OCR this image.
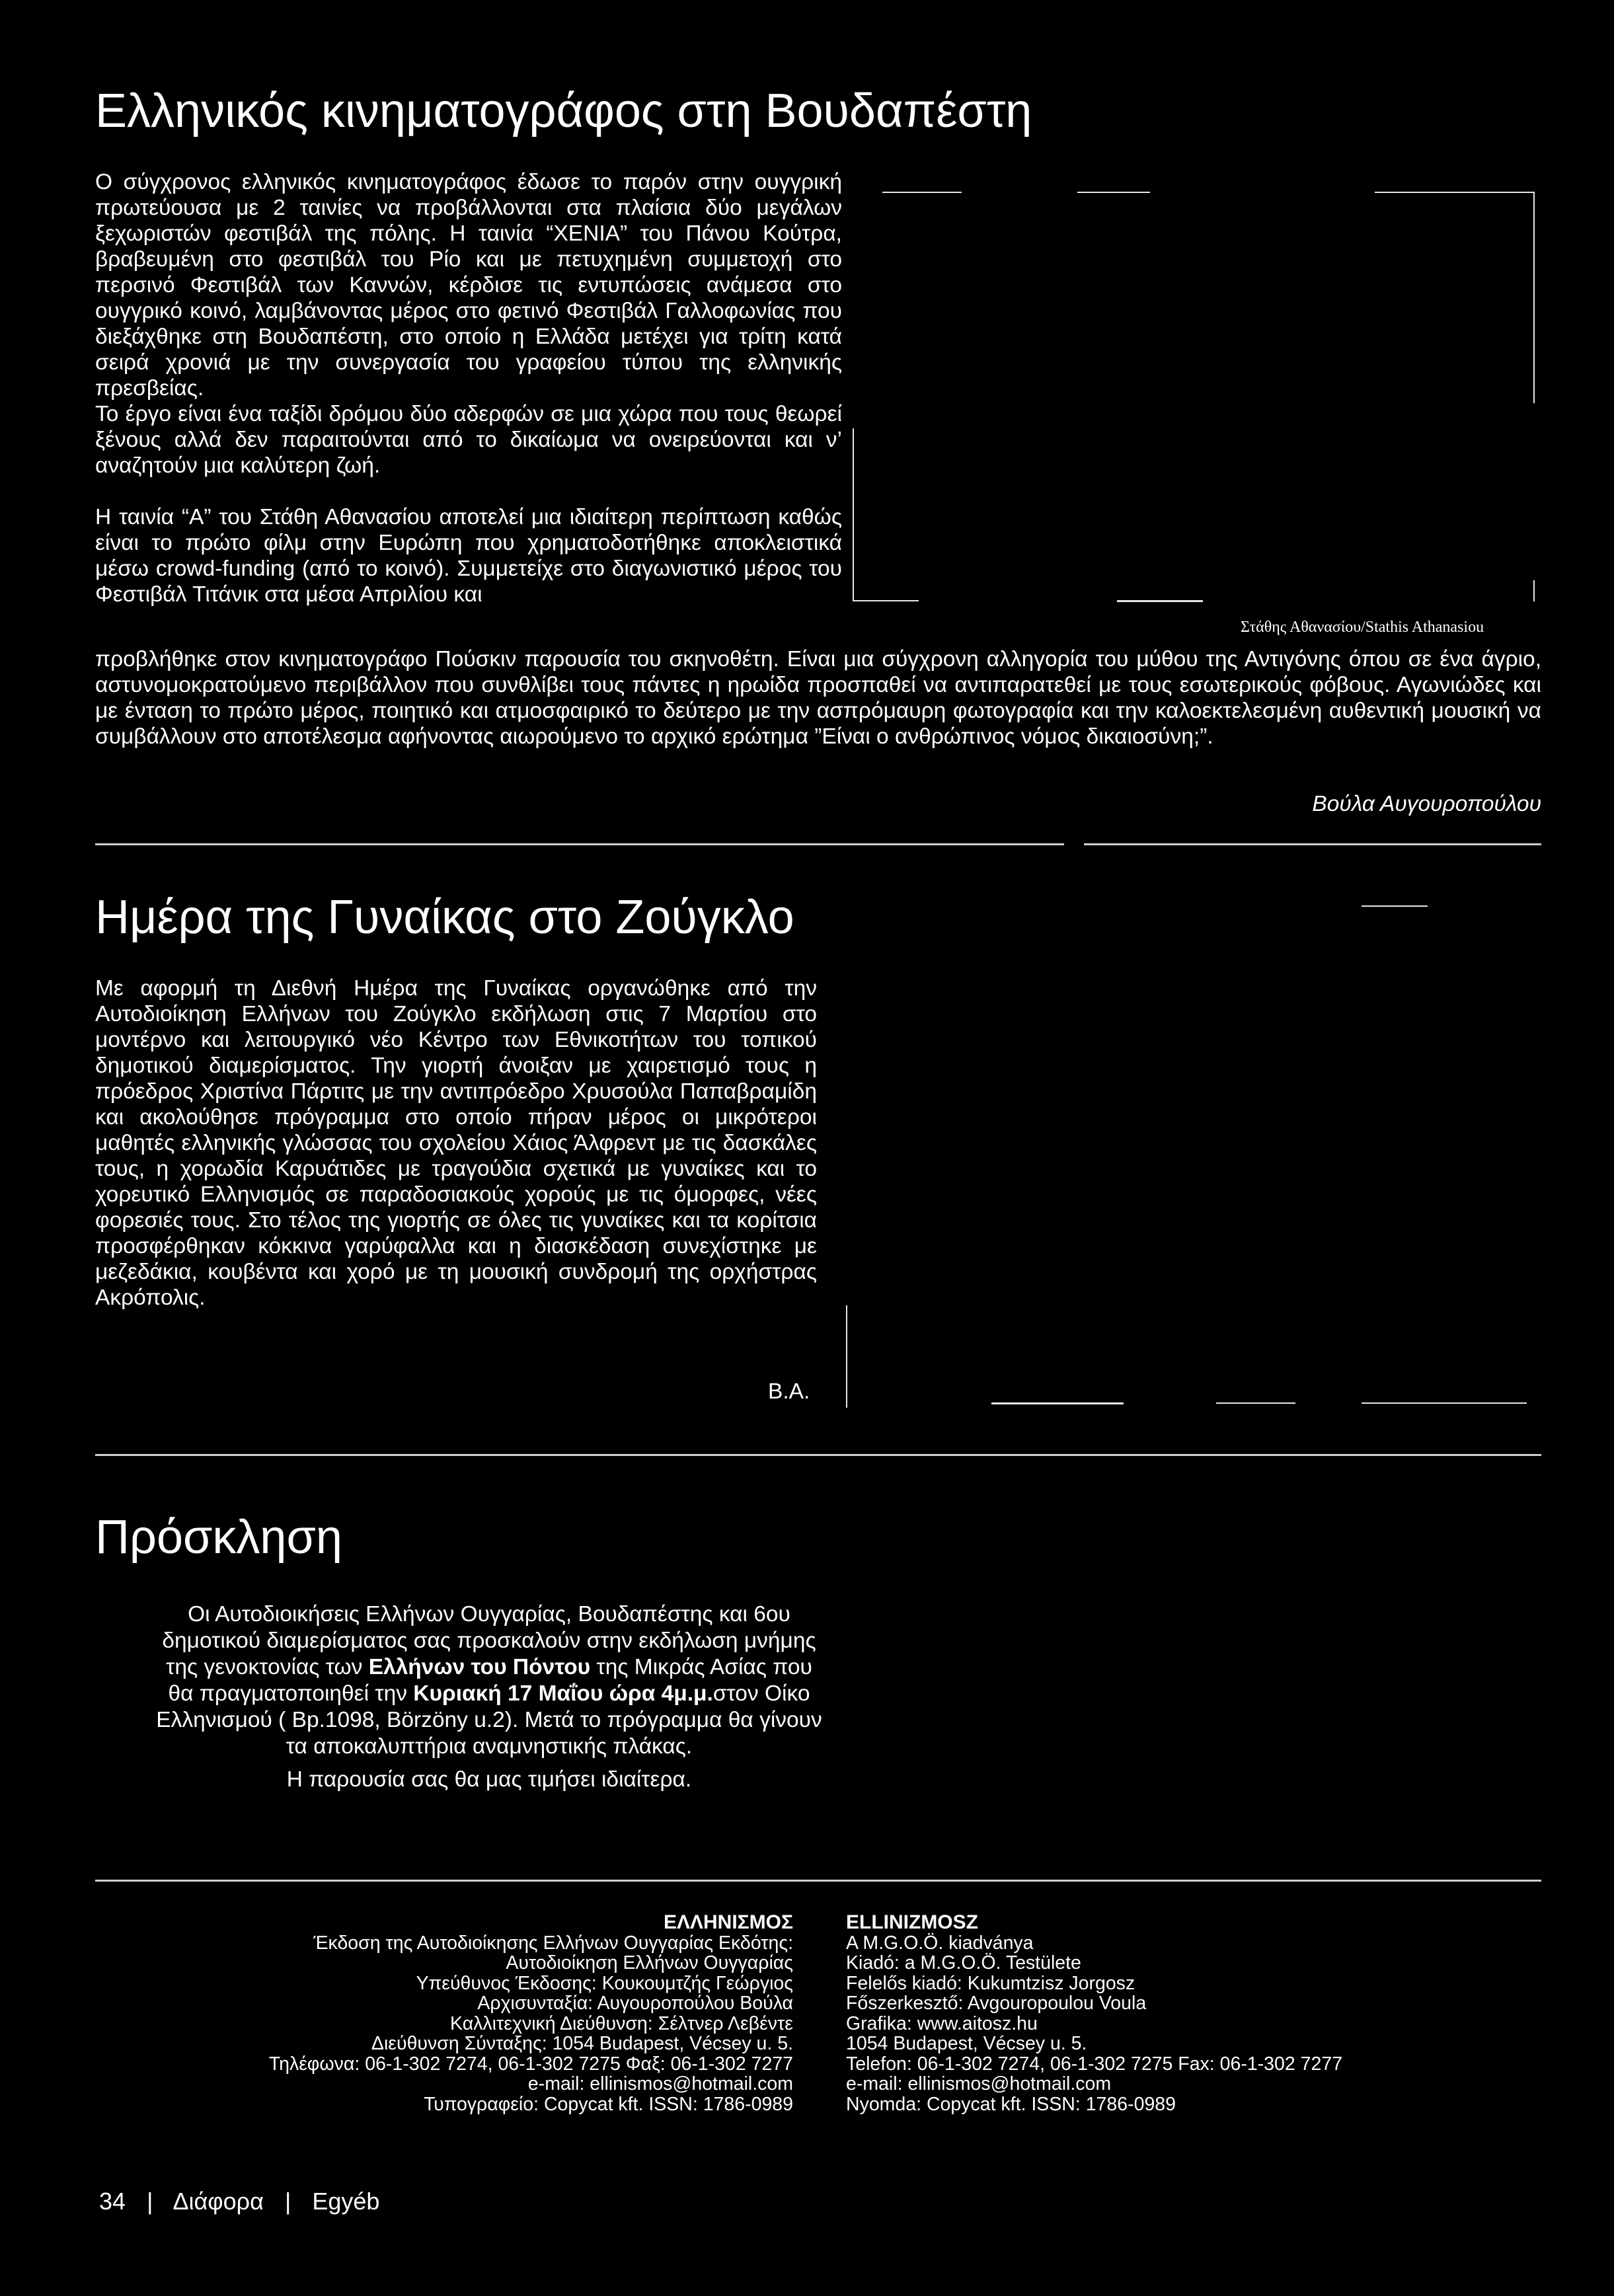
Ελληνικός κινηματογράφος στη Βουδαπέστη

Ο σύγχρονος ελληνικός κινηματογράφος έδωσε το παρόν στην ουγγρική πρωτεύουσα με 2 ταινίες να προβάλλονται στα πλαίσια δύο μεγάλων ξεχωριστών φεστιβάλ της πόλης. Η ταινία “XENIA” του Πάνου Κούτρα, βραβευμένη στο φεστιβάλ του Ρίο και με πετυχημένη συμμετοχή στο περσινό Φεστιβάλ των Καννών, κέρδισε τις εντυπώσεις ανάμεσα στο ουγγρικό κοινό, λαμβάνοντας μέρος στο φετινό Φεστιβάλ Γαλλοφωνίας που διεξάχθηκε στη Βουδαπέστη, στο οποίο η Ελλάδα μετέχει για τρίτη κατά σειρά χρονιά με την συνεργασία του γραφείου τύπου της ελληνικής πρεσβείας.

Το έργο είναι ένα ταξίδι δρόμου δύο αδερφών σε μια χώρα που τους θεωρεί ξένους αλλά δεν παραιτούνται από το δικαίωμα να ονειρεύονται και ν’ αναζητούν μια καλύτερη ζωή.

Η ταινία “A” του Στάθη Αθανασίου αποτελεί μια ιδιαίτερη περίπτωση καθώς είναι το πρώτο φίλμ στην Ευρώπη που χρηματοδοτήθηκε αποκλειστικά μέσω crowd-funding (από το κοινό). Συμμετείχε στο διαγωνιστικό μέρος του Φεστιβάλ Τιτάνικ στα μέσα Απριλίου και

Στάθης Αθανασίου/Stathis Athanasiou
προβλήθηκε στον κινηματογράφο Πούσκιν παρουσία του σκηνοθέτη. Είναι μια σύγχρονη αλληγορία του μύθου της Αντιγόνης όπου σε ένα άγριο, αστυνομοκρατούμενο περιβάλλον που συνθλίβει τους πάντες η ηρωίδα προσπαθεί να αντιπαρατεθεί με τους εσωτερικούς φόβους. Αγωνιώδες και με ένταση το πρώτο μέρος, ποιητικό και ατμοσφαιρικό το δεύτερο με την ασπρόμαυρη φωτογραφία και την καλοεκτελεσμένη αυθεντική μουσική να συμβάλλουν στο αποτέλεσμα αφήνοντας αιωρούμενο το αρχικό ερώτημα ”Είναι ο ανθρώπινος νόμος δικαιοσύνη;”.
Βούλα Αυγουροπούλου
Ημέρα της Γυναίκας στο Ζούγκλο
Με αφορμή τη Διεθνή Ημέρα της Γυναίκας οργανώθηκε από την Αυτοδιοίκηση Ελλήνων του Ζούγκλο εκδήλωση στις 7 Μαρτίου στο μοντέρνο και λειτουργικό νέο Κέντρο των Εθνικοτήτων του τοπικού δημοτικού διαμερίσματος. Την γιορτή άνοιξαν με χαιρετισμό τους η πρόεδρος Χριστίνα Πάρτιτς με την αντιπρόεδρο Χρυσούλα Παπαβραμίδη και ακολούθησε πρόγραμμα στο οποίο πήραν μέρος οι μικρότεροι μαθητές ελληνικής γλώσσας του σχολείου Χάιος Άλφρεντ με τις δασκάλες τους, η χορωδία Καρυάτιδες με τραγούδια σχετικά με γυναίκες και το χορευτικό Ελληνισμός σε παραδοσιακούς χορούς με τις όμορφες, νέες φορεσιές τους. Στο τέλος της γιορτής σε όλες τις γυναίκες και τα κορίτσια προσφέρθηκαν κόκκινα γαρύφαλλα και η διασκέδαση συνεχίστηκε με μεζεδάκια, κουβέντα και χορό με τη μουσική συνδρομή της ορχήστρας Ακρόπολις.
B.A.
Πρόσκληση
Οι Αυτοδιοικήσεις Ελλήνων Ουγγαρίας, Βουδαπέστης και 6ου
δημοτικού διαμερίσματος σας προσκαλούν στην εκδήλωση μνήμης
της γενοκτονίας των Ελλήνων του Πόντου της Μικράς Ασίας που
θα πραγματοποιηθεί την Κυριακή 17 Μαΐου ώρα 4μ.μ.στον Οίκο
Ελληνισμού ( Bp.1098, Börzöny u.2). Μετά το πρόγραμμα θα γίνουν
τα αποκαλυπτήρια αναμνηστικής πλάκας.
Η παρουσία σας θα μας τιμήσει ιδιαίτερα.
ΕΛΛΗΝΙΣΜΟΣ
Έκδοση της Αυτοδιοίκησης Ελλήνων Ουγγαρίας Εκδότης:
Αυτοδιοίκηση Ελλήνων Ουγγαρίας
Υπεύθυνος Έκδοσης: Κουκουμτζής Γεώργιος
Αρχισυνταξία: Αυγουροπούλου Βούλα
Καλλιτεχνική Διεύθυνση: Σέλτνερ Λεβέντε
Διεύθυνση Σύνταξης: 1054 Budapest, Vécsey u. 5.
Τηλέφωνα: 06-1-302 7274, 06-1-302 7275 Φαξ: 06-1-302 7277
e-mail: ellinismos@hotmail.com
Τυπογραφείο: Copycat kft. ISSN: 1786-0989
ELLINIZMOSZ
A M.G.O.Ö. kiadványa
Kiadó: a M.G.O.Ö. Testülete
Felelős kiadó: Kukumtzisz Jorgosz
Főszerkesztő: Avgouropoulou Voula
Grafika: www.aitosz.hu
1054 Budapest, Vécsey u. 5.
Telefon: 06-1-302 7274, 06-1-302 7275 Fax: 06-1-302 7277
e-mail: ellinismos@hotmail.com
Nyomda: Copycat kft. ISSN: 1786-0989
34 | Διάφορα | Egyéb
